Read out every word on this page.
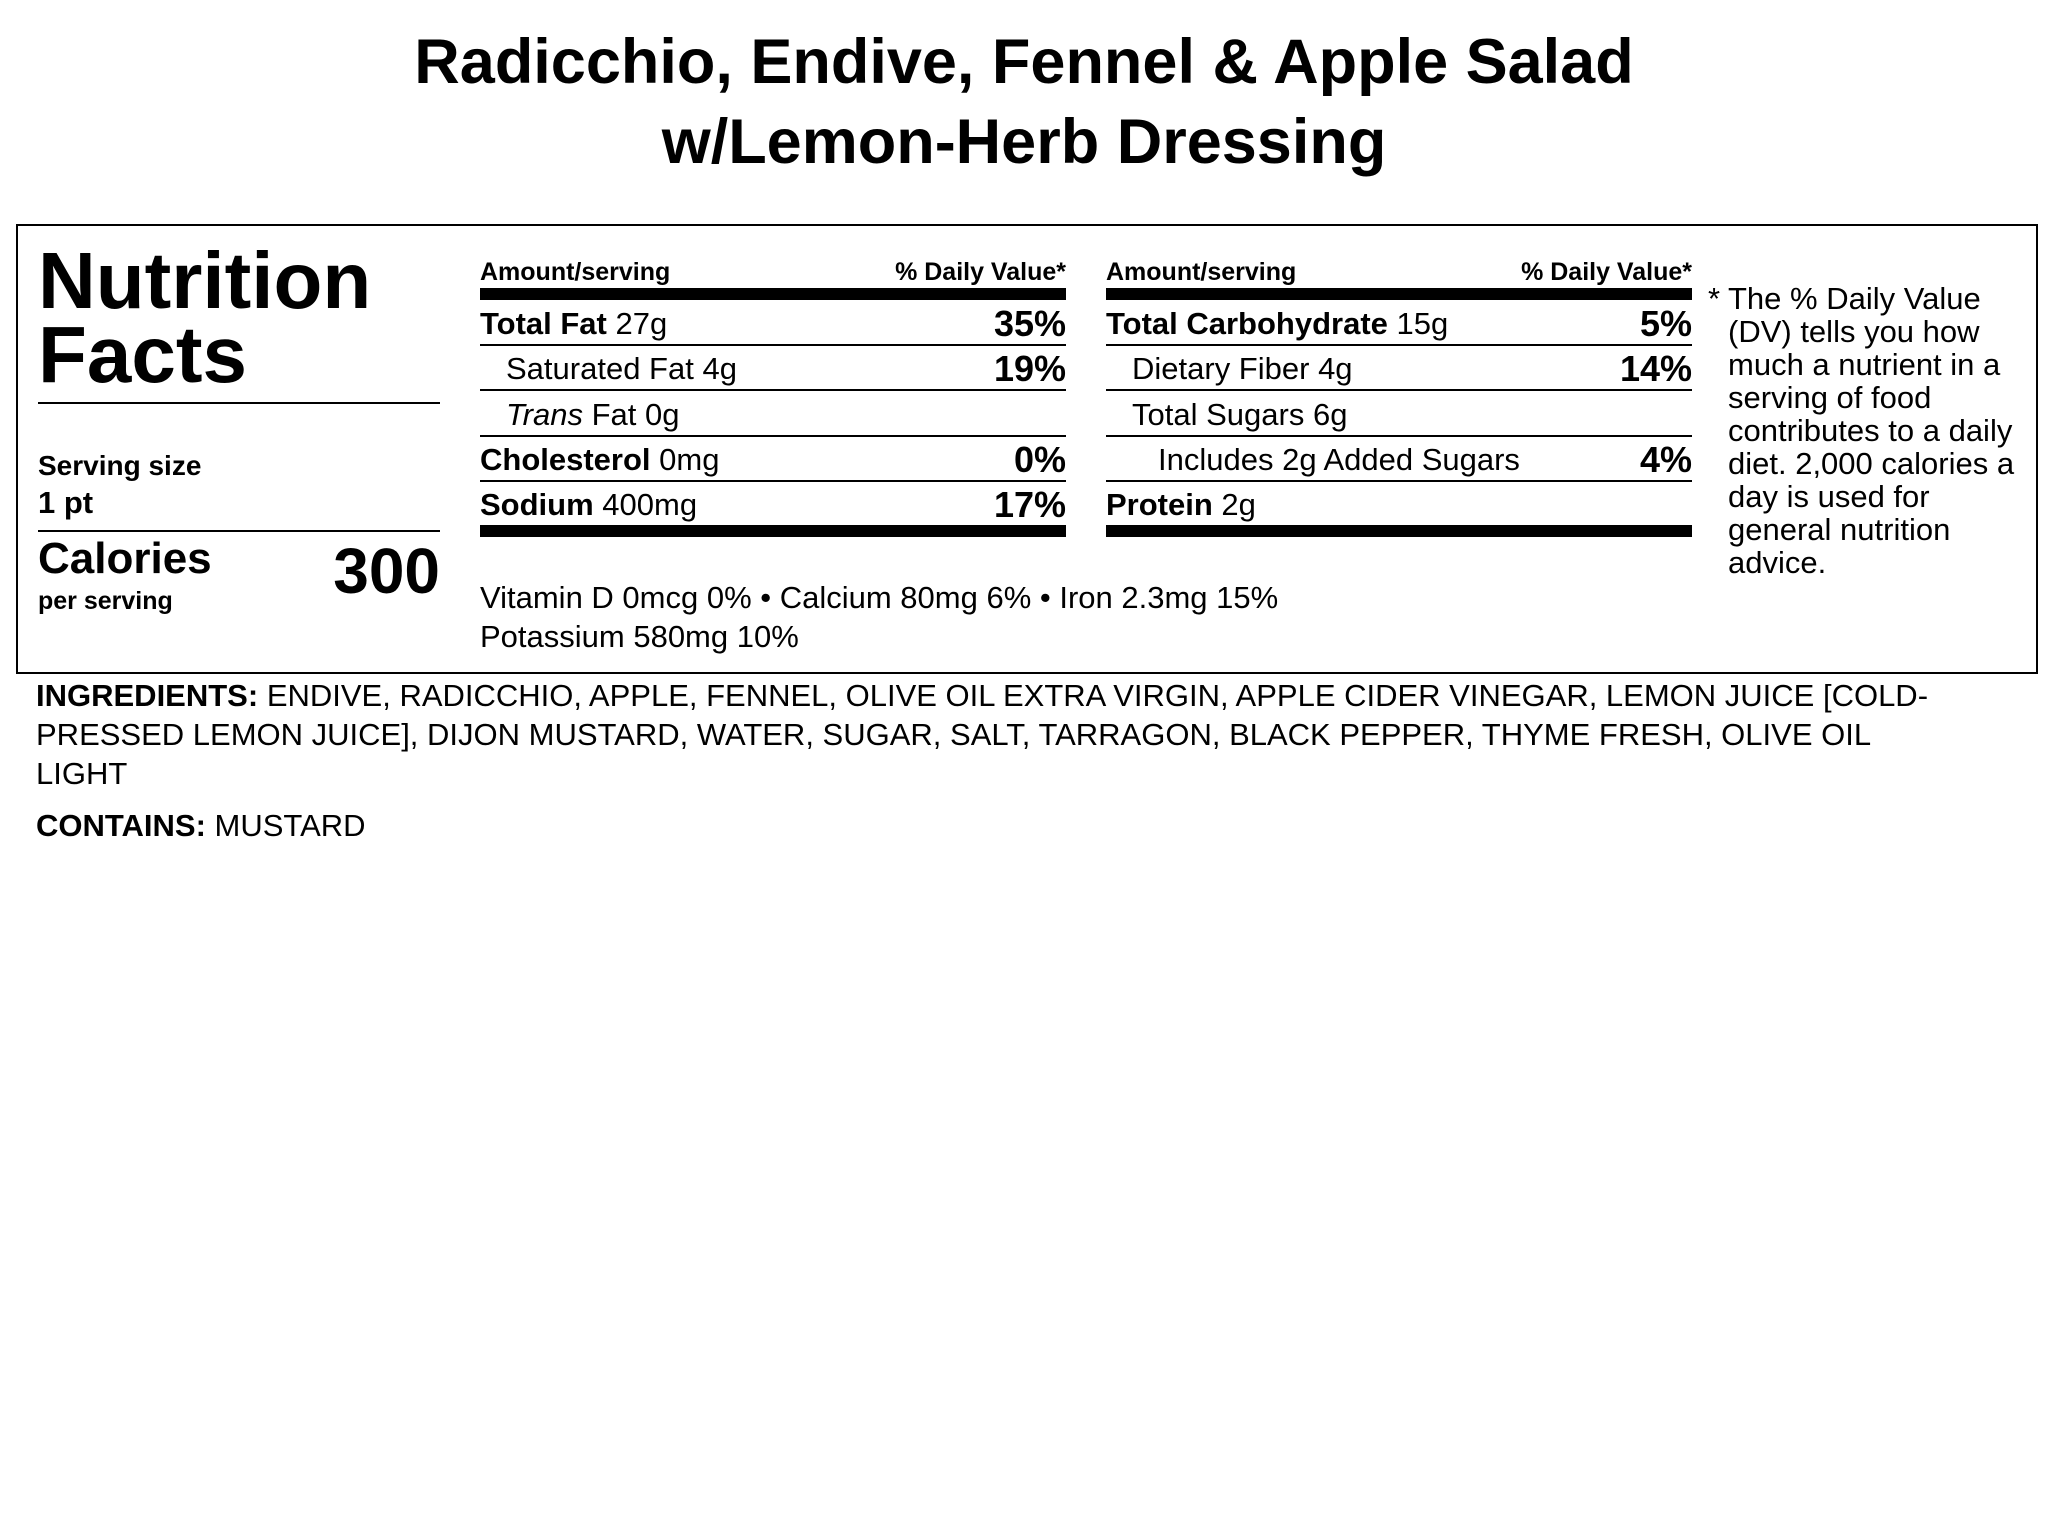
Radicchio, Endive, Fennel & Apple Salad
w/Lemon-Herb Dressing
Nutrition
Facts
Serving size
1 pt
Calories
per serving	300
Amount/serving	% Daily Value*
Total Fat 27g	35%
Saturated Fat 4g	19%
Trans Fat 0g
Cholesterol 0mg	0%
Sodium 400mg	17%
Amount/serving	% Daily Value*
Total Carbohydrate 15g	5%
Dietary Fiber 4g	14%
Total Sugars 6g
Includes 2g Added Sugars	4%
Protein 2g
Vitamin D 0mcg 0% • Calcium 80mg 6% • Iron 2.3mg 15%
Potassium 580mg 10%
* The % Daily Value (DV) tells you how much a nutrient in a serving of food contributes to a daily diet. 2,000 calories a day is used for general nutrition advice.
INGREDIENTS: ENDIVE, RADICCHIO, APPLE, FENNEL, OLIVE OIL EXTRA VIRGIN, APPLE CIDER VINEGAR, LEMON JUICE [COLD-PRESSED LEMON JUICE], DIJON MUSTARD, WATER, SUGAR, SALT, TARRAGON, BLACK PEPPER, THYME FRESH, OLIVE OIL LIGHT
CONTAINS: MUSTARD
